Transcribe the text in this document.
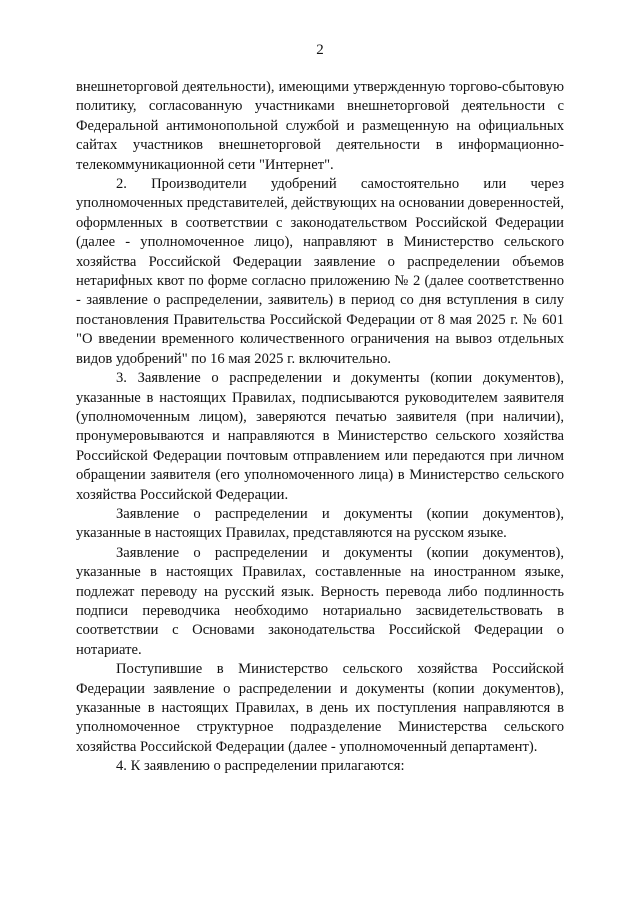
2

внешнеторговой деятельности), имеющими утвержденную торгово-сбытовую политику, согласованную участниками внешнеторговой деятельности с Федеральной антимонопольной службой и размещенную на официальных сайтах участников внешнеторговой деятельности в информационно-телекоммуникационной сети "Интернет".

2. Производители удобрений самостоятельно или через уполномоченных представителей, действующих на основании доверенностей, оформленных в соответствии с законодательством Российской Федерации (далее - уполномоченное лицо), направляют в Министерство сельского хозяйства Российской Федерации заявление о распределении объемов нетарифных квот по форме согласно приложению № 2 (далее соответственно - заявление о распределении, заявитель) в период со дня вступления в силу постановления Правительства Российской Федерации от 8 мая 2025 г. № 601 "О введении временного количественного ограничения на вывоз отдельных видов удобрений" по 16 мая 2025 г. включительно.

3. Заявление о распределении и документы (копии документов), указанные в настоящих Правилах, подписываются руководителем заявителя (уполномоченным лицом), заверяются печатью заявителя (при наличии), пронумеровываются и направляются в Министерство сельского хозяйства Российской Федерации почтовым отправлением или передаются при личном обращении заявителя (его уполномоченного лица) в Министерство сельского хозяйства Российской Федерации.

Заявление о распределении и документы (копии документов), указанные в настоящих Правилах, представляются на русском языке.

Заявление о распределении и документы (копии документов), указанные в настоящих Правилах, составленные на иностранном языке, подлежат переводу на русский язык. Верность перевода либо подлинность подписи переводчика необходимо нотариально засвидетельствовать в соответствии с Основами законодательства Российской Федерации о нотариате.

Поступившие в Министерство сельского хозяйства Российской Федерации заявление о распределении и документы (копии документов), указанные в настоящих Правилах, в день их поступления направляются в уполномоченное структурное подразделение Министерства сельского хозяйства Российской Федерации (далее - уполномоченный департамент).

4. К заявлению о распределении прилагаются:
